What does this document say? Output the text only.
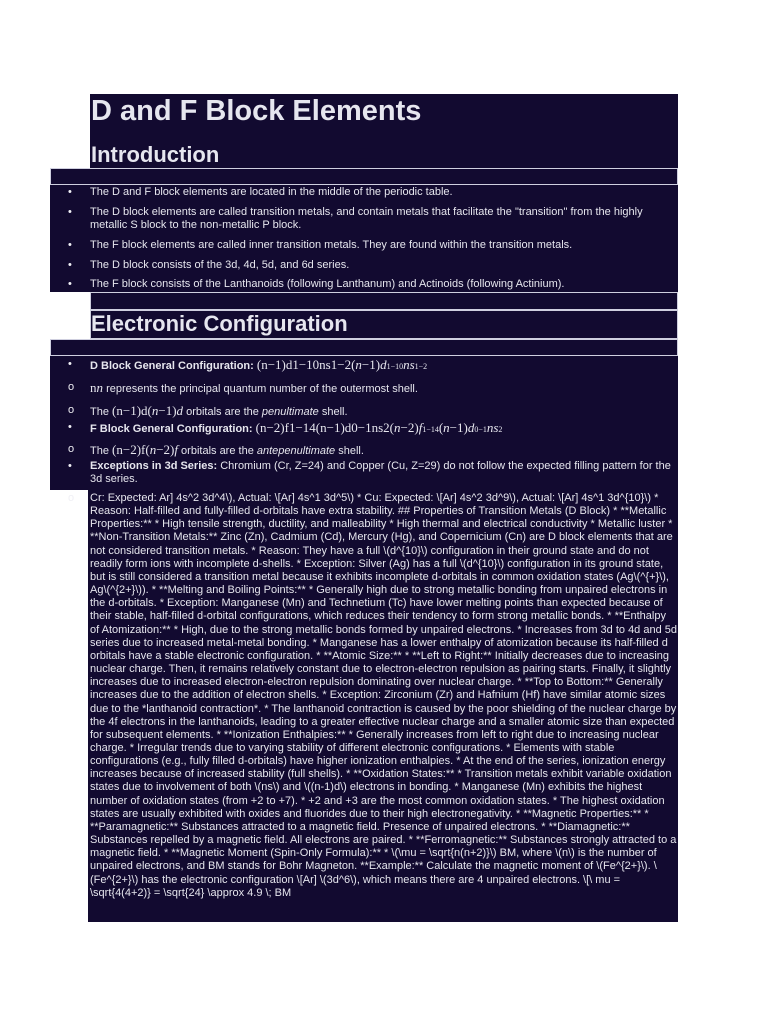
D and F Block Elements
Introduction
Electronic Configuration
•	The D and F block elements are located in the middle of the periodic table.
•	The D block elements are called transition metals, and contain metals that facilitate the "transition" from the highly metallic S block to the non-metallic P block.
•	The F block elements are called inner transition metals. They are found within the transition metals.
•	The D block consists of the 3d, 4d, 5d, and 6d series.
•	The F block consists of the Lanthanoids (following Lanthanum) and Actinoids (following Actinium).
•	D Block General Configuration: (n−1)d1−10ns1−2(n−1)d1−10ns1−2
o nn represents the principal quantum number of the outermost shell.
o	The (n−1)d(n−1)d orbitals are the penultimate shell.
•	F Block General Configuration: (n−2)f1−14(n−1)d0−1ns2(n−2)f1−14(n−1)d0−1ns2
o	The (n−2)f(n−2)f orbitals are the antepenultimate shell.
•	Exceptions in 3d Series: Chromium (Cr, Z=24) and Copper (Cu, Z=29) do not follow the expected filling pattern for the 3d series.
o	Cr: Expected: Ar] 4s^2 3d^4\), Actual: \[Ar] 4s^1 3d^5\) * Cu: Expected: \[Ar] 4s^2 3d^9\), Actual: \[Ar] 4s^1 3d^{10}\) * Reason: Half-filled and fully-filled d-orbitals have extra stability. ## Properties of Transition Metals (D Block) * **Metallic Properties:** * High tensile strength, ductility, and malleability * High thermal and electrical conductivity * Metallic luster * **Non-Transition Metals:** Zinc (Zn), Cadmium (Cd), Mercury (Hg), and Copernicium (Cn) are D block elements that are not considered transition metals. * Reason: They have a full \(d^{10}\) configuration in their ground state and do not readily form ions with incomplete d-shells. * Exception: Silver (Ag) has a full \(d^{10}\) configuration in its ground state, but is still considered a transition metal because it exhibits incomplete d-orbitals in common oxidation states (Ag\(^{+}\), Ag\(^{2+}\)). * **Melting and Boiling Points:** * Generally high due to strong metallic bonding from unpaired electrons in the d-orbitals. * Exception: Manganese (Mn) and Technetium (Tc) have lower melting points than expected because of their stable, half-filled d-orbital configurations, which reduces their tendency to form strong metallic bonds. * **Enthalpy of Atomization:** * High, due to the strong metallic bonds formed by unpaired electrons. * Increases from 3d to 4d and 5d series due to increased metal-metal bonding. * Manganese has a lower enthalpy of atomization because its half-filled d orbitals have a stable electronic configuration. * **Atomic Size:** * **Left to Right:** Initially decreases due to increasing nuclear charge. Then, it remains relatively constant due to electron-electron repulsion as pairing starts. Finally, it slightly increases due to increased electron-electron repulsion dominating over nuclear charge. * **Top to Bottom:** Generally increases due to the addition of electron shells. * Exception: Zirconium (Zr) and Hafnium (Hf) have similar atomic sizes due to the *lanthanoid contraction*. * The lanthanoid contraction is caused by the poor shielding of the nuclear charge by the 4f electrons in the lanthanoids, leading to a greater effective nuclear charge and a smaller atomic size than expected for subsequent elements. * **Ionization Enthalpies:** * Generally increases from left to right due to increasing nuclear charge. * Irregular trends due to varying stability of different electronic configurations. * Elements with stable configurations (e.g., fully filled d-orbitals) have higher ionization enthalpies. * At the end of the series, ionization energy increases because of increased stability (full shells). * **Oxidation States:** * Transition metals exhibit variable oxidation states due to involvement of both \(ns\) and \((n-1)d\) electrons in bonding. * Manganese (Mn) exhibits the highest number of oxidation states (from +2 to +7). * +2 and +3 are the most common oxidation states. * The highest oxidation states are usually exhibited with oxides and fluorides due to their high electronegativity. * **Magnetic Properties:** * **Paramagnetic:** Substances attracted to a magnetic field. Presence of unpaired electrons. * **Diamagnetic:** Substances repelled by a magnetic field. All electrons are paired. * **Ferromagnetic:** Substances strongly attracted to a magnetic field. * **Magnetic Moment (Spin-Only Formula):** * \(\mu = \sqrt{n(n+2)}\) BM, where \(n\) is the number of unpaired electrons, and BM stands for Bohr Magneton. **Example:** Calculate the magnetic moment of \(Fe^{2+}\). \(Fe^{2+}\) has the electronic configuration \[Ar] \(3d^6\), which means there are 4 unpaired electrons. \[\ mu = \sqrt{4(4+2)} = \sqrt{24} \approx 4.9 \; BM
